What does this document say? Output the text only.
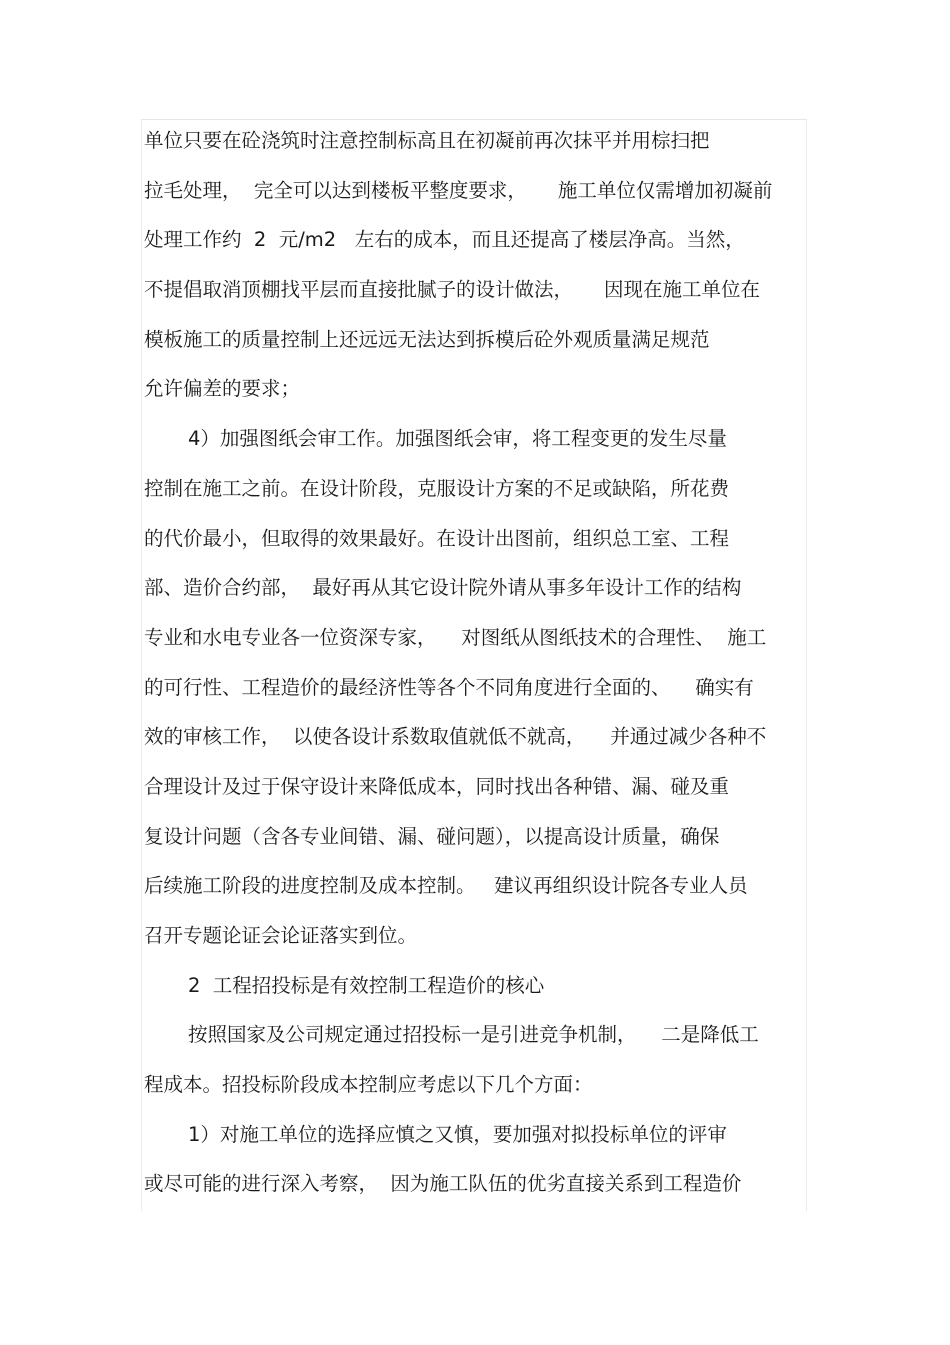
单位只要在砼浇筑时注意控制标高且在初凝前再次抹平并用棕扫把
拉毛处理，  完全可以达到楼板平整度要求，     施工单位仅需增加初凝前
处理工作约  2  元/m2   左右的成本，而且还提高了楼层净高。当然，
不提倡取消顶棚找平层而直接批腻子的设计做法，     因现在施工单位在
模板施工的质量控制上还远远无法达到拆模后砼外观质量满足规范
允许偏差的要求；
4）加强图纸会审工作。加强图纸会审，将工程变更的发生尽量
控制在施工之前。在设计阶段，克服设计方案的不足或缺陷，所花费
的代价最小，但取得的效果最好。在设计出图前，组织总工室、工程
部、造价合约部，  最好再从其它设计院外请从事多年设计工作的结构
专业和水电专业各一位资深专家，    对图纸从图纸技术的合理性、  施工
的可行性、工程造价的最经济性等各个不同角度进行全面的、    确实有
效的审核工作，  以使各设计系数取值就低不就高，    并通过减少各种不
合理设计及过于保守设计来降低成本，同时找出各种错、漏、碰及重
复设计问题（含各专业间错、漏、碰问题），以提高设计质量，确保
后续施工阶段的进度控制及成本控制。   建议再组织设计院各专业人员
召开专题论证会论证落实到位。
2  工程招投标是有效控制工程造价的核心
按照国家及公司规定通过招投标一是引进竞争机制，    二是降低工
程成本。招投标阶段成本控制应考虑以下几个方面：
1）对施工单位的选择应慎之又慎，要加强对拟投标单位的评审
或尽可能的进行深入考察，  因为施工队伍的优劣直接关系到工程造价
